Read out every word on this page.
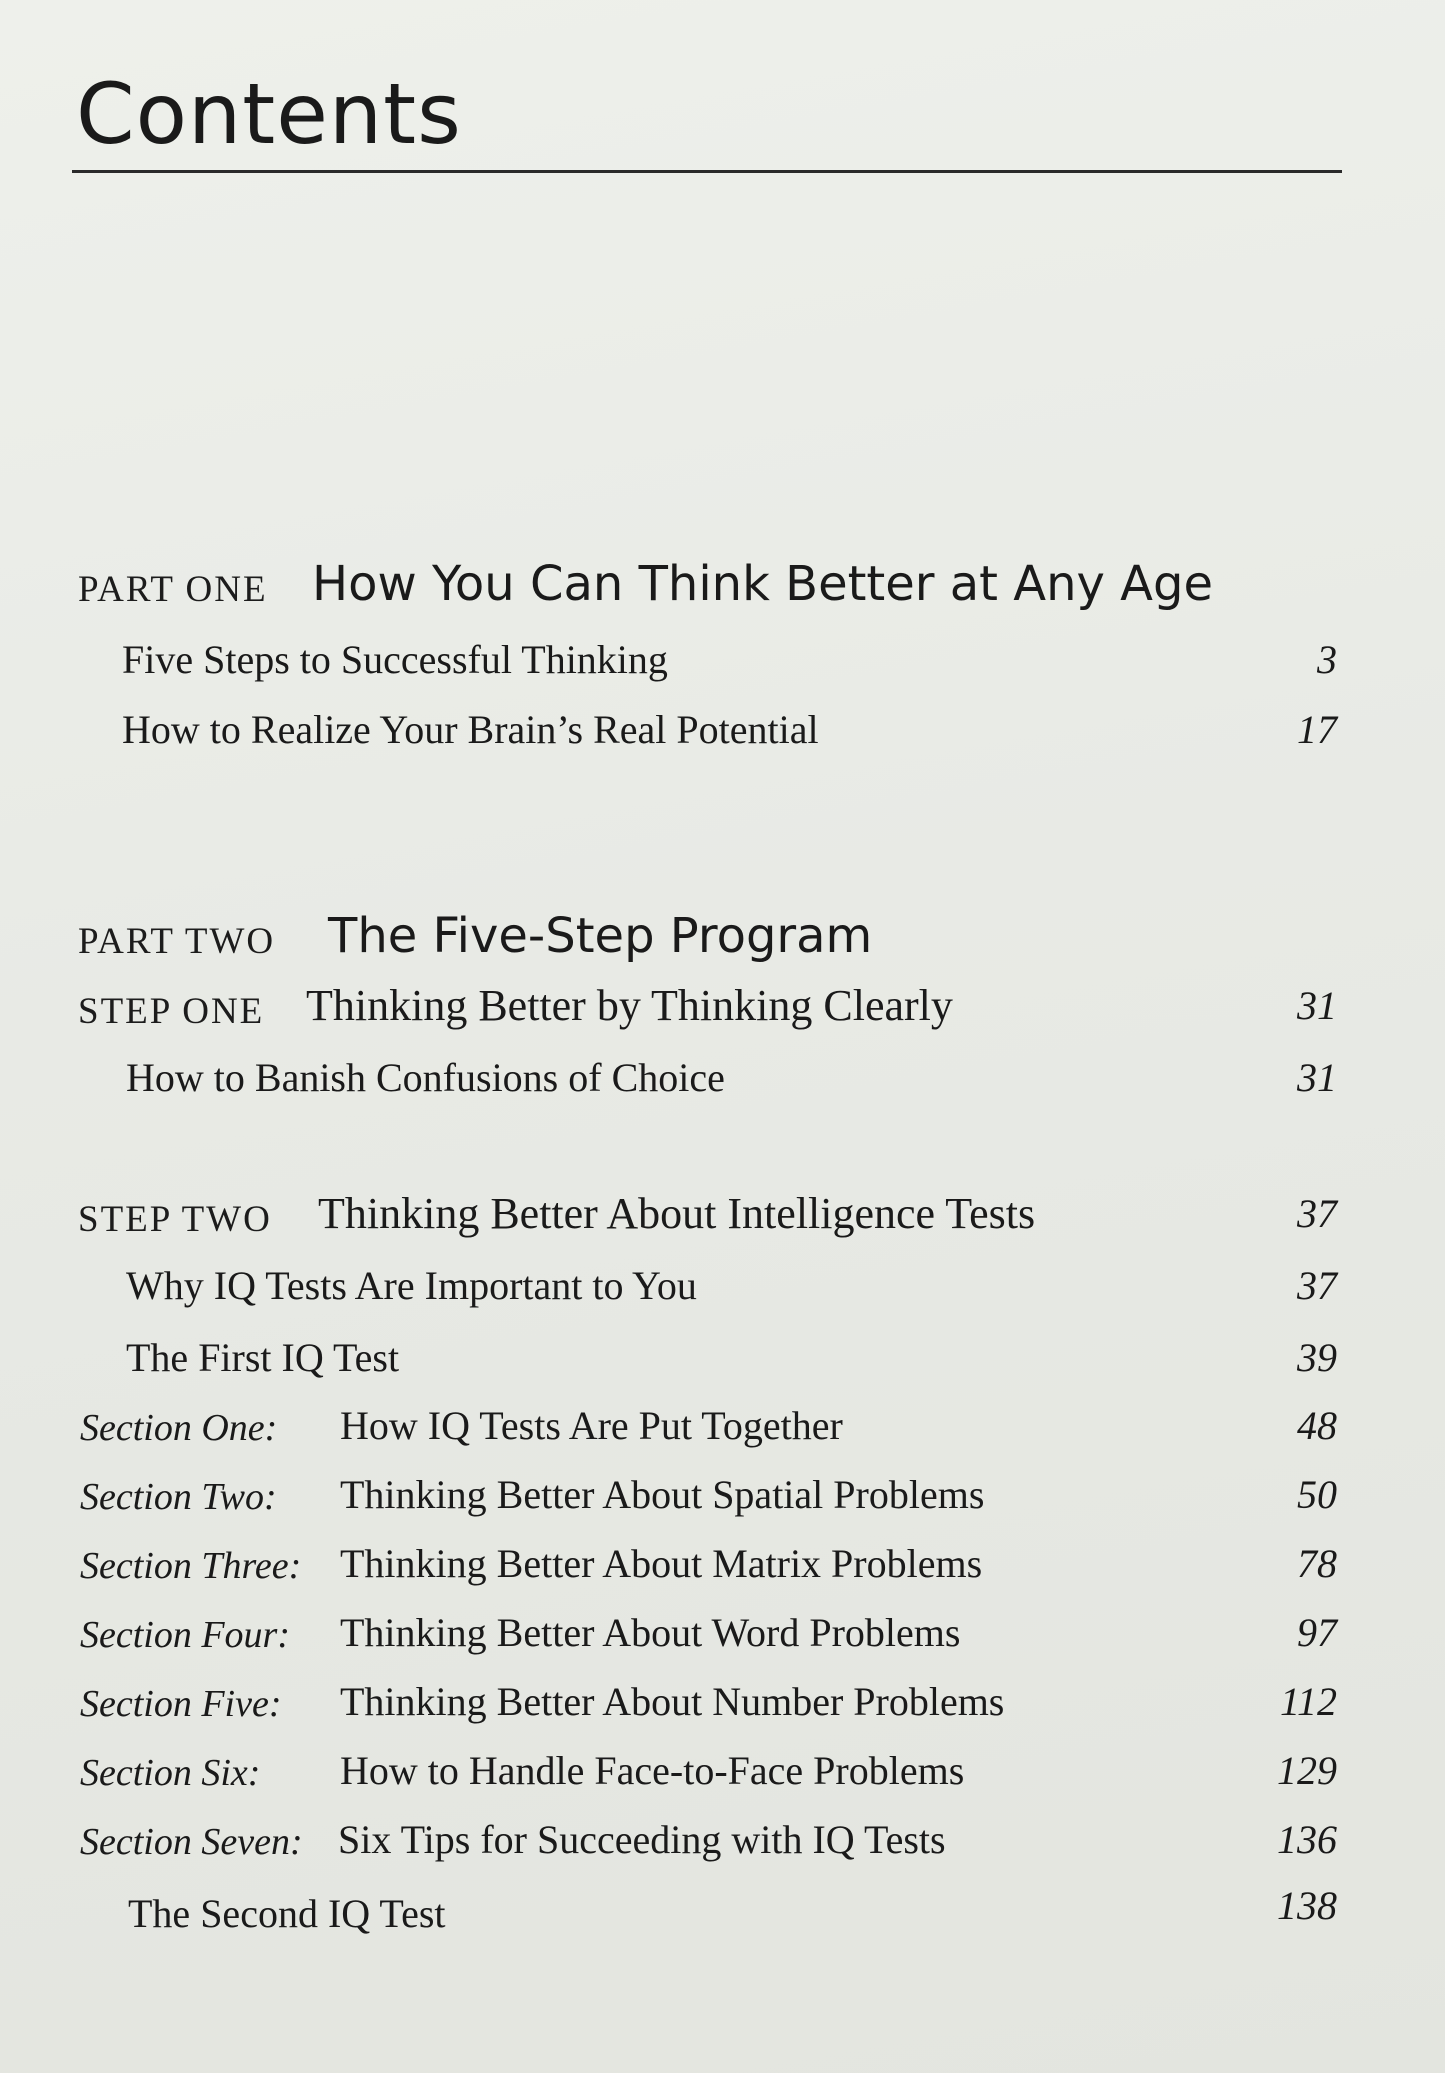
Contents
PART ONE How You Can Think Better at Any Age
Five Steps to Successful Thinking	3
How to Realize Your Brain’s Real Potential	17
PART TWO The Five-Step Program
STEP ONE Thinking Better by Thinking Clearly	31
How to Banish Confusions of Choice	31
STEP TWO Thinking Better About Intelligence Tests	37
Why IQ Tests Are Important to You	37
The First IQ Test	39
Section One: How IQ Tests Are Put Together	48
Section Two: Thinking Better About Spatial Problems	50
Section Three: Thinking Better About Matrix Problems	78
Section Four: Thinking Better About Word Problems	97
Section Five: Thinking Better About Number Problems	112
Section Six: How to Handle Face-to-Face Problems	129
Section Seven: Six Tips for Succeeding with IQ Tests	136
The Second IQ Test	138
